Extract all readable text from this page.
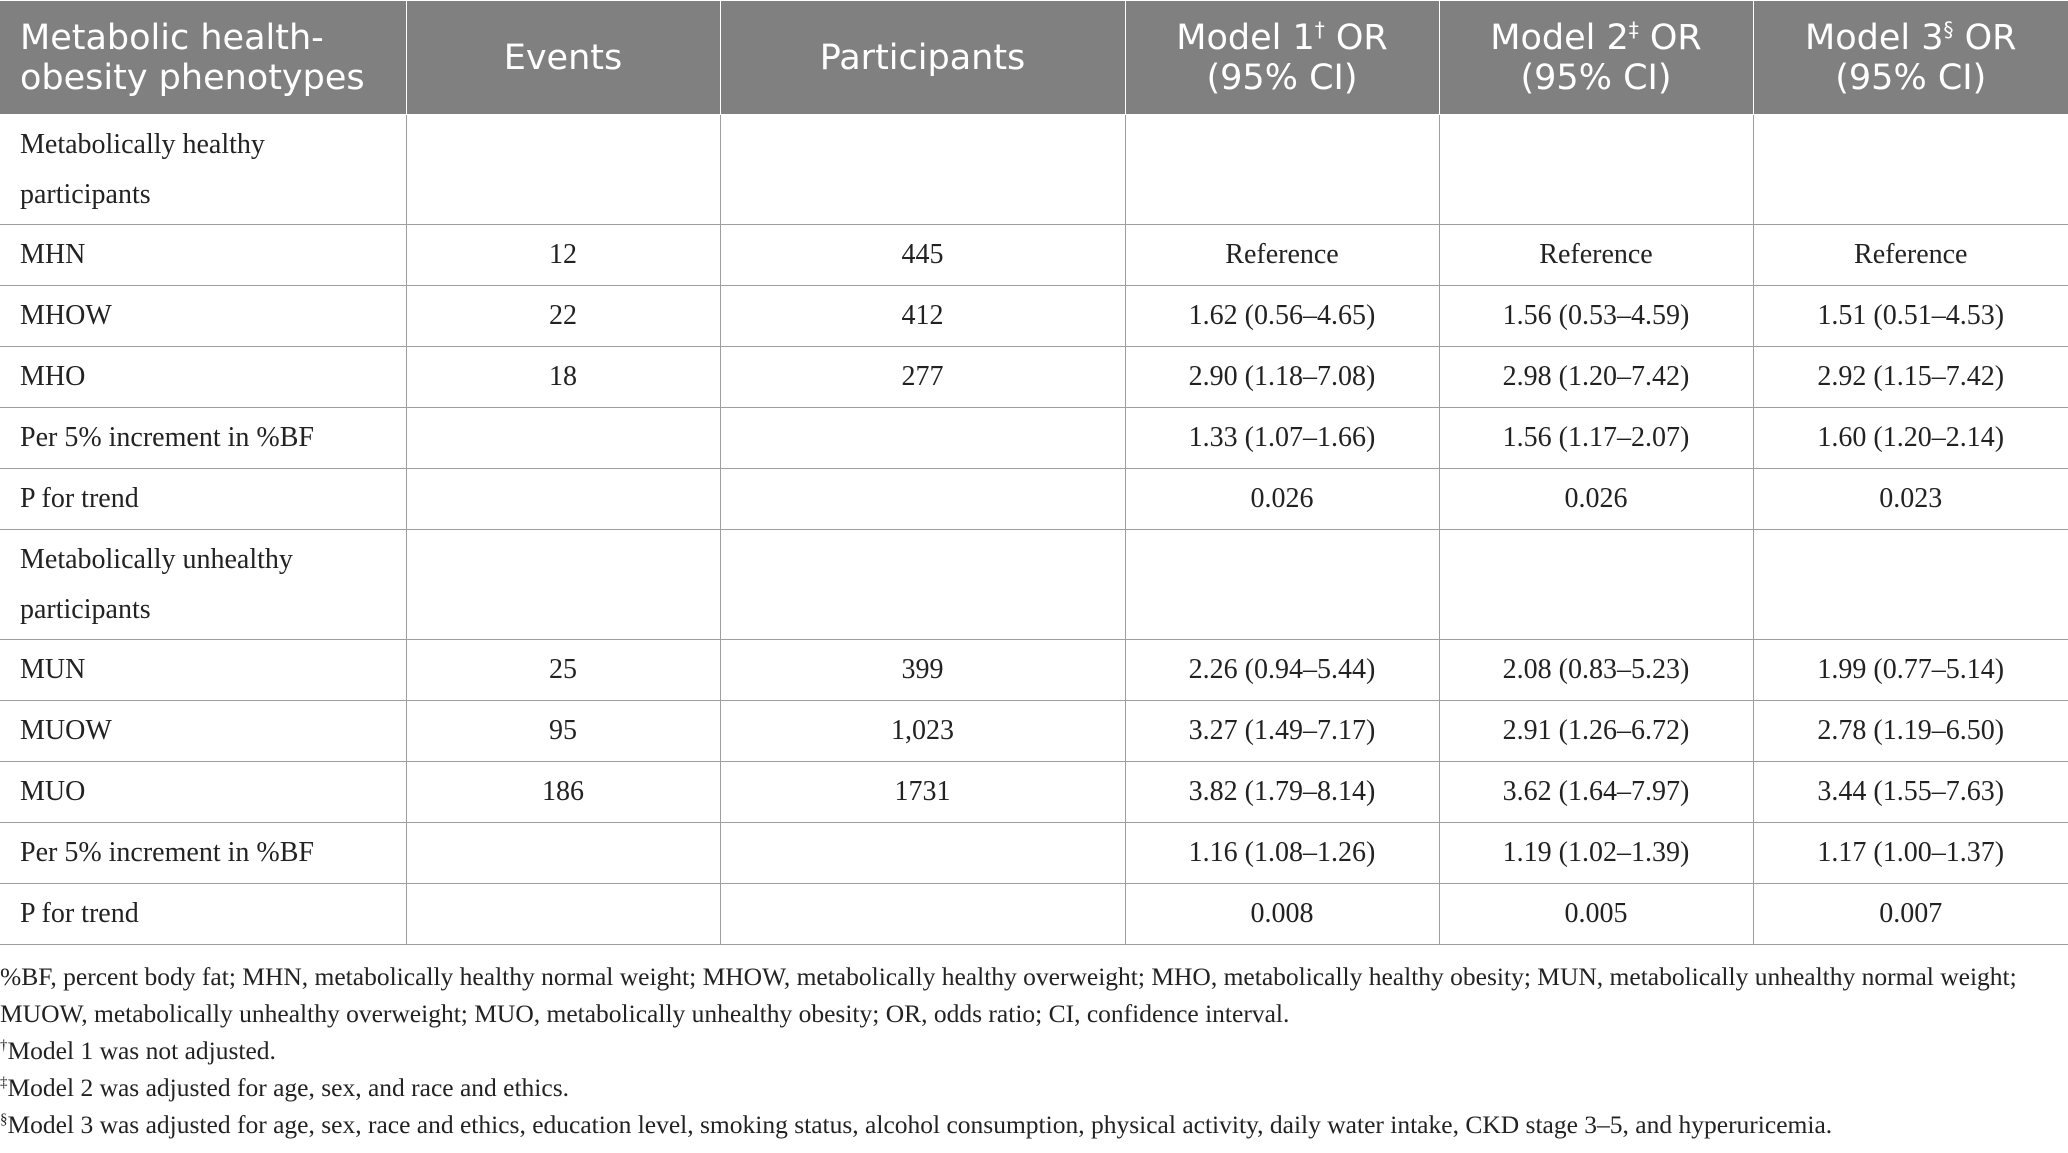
Metabolic health-obesity phenotypes	Events	Participants	Model 1† OR (95% CI)	Model 2‡ OR (95% CI)	Model 3§ OR (95% CI)
Metabolically healthy participants					
MHN	12	445	Reference	Reference	Reference
MHOW	22	412	1.62 (0.56–4.65)	1.56 (0.53–4.59)	1.51 (0.51–4.53)
MHO	18	277	2.90 (1.18–7.08)	2.98 (1.20–7.42)	2.92 (1.15–7.42)
Per 5% increment in %BF			1.33 (1.07–1.66)	1.56 (1.17–2.07)	1.60 (1.20–2.14)
P for trend			0.026	0.026	0.023
Metabolically unhealthy participants					
MUN	25	399	2.26 (0.94–5.44)	2.08 (0.83–5.23)	1.99 (0.77–5.14)
MUOW	95	1,023	3.27 (1.49–7.17)	2.91 (1.26–6.72)	2.78 (1.19–6.50)
MUO	186	1731	3.82 (1.79–8.14)	3.62 (1.64–7.97)	3.44 (1.55–7.63)
Per 5% increment in %BF			1.16 (1.08–1.26)	1.19 (1.02–1.39)	1.17 (1.00–1.37)
P for trend			0.008	0.005	0.007

%BF, percent body fat; MHN, metabolically healthy normal weight; MHOW, metabolically healthy overweight; MHO, metabolically healthy obesity; MUN, metabolically unhealthy normal weight; MUOW, metabolically unhealthy overweight; MUO, metabolically unhealthy obesity; OR, odds ratio; CI, confidence interval.

†Model 1 was not adjusted.

‡Model 2 was adjusted for age, sex, and race and ethics.

§Model 3 was adjusted for age, sex, race and ethics, education level, smoking status, alcohol consumption, physical activity, daily water intake, CKD stage 3–5, and hyperuricemia.
